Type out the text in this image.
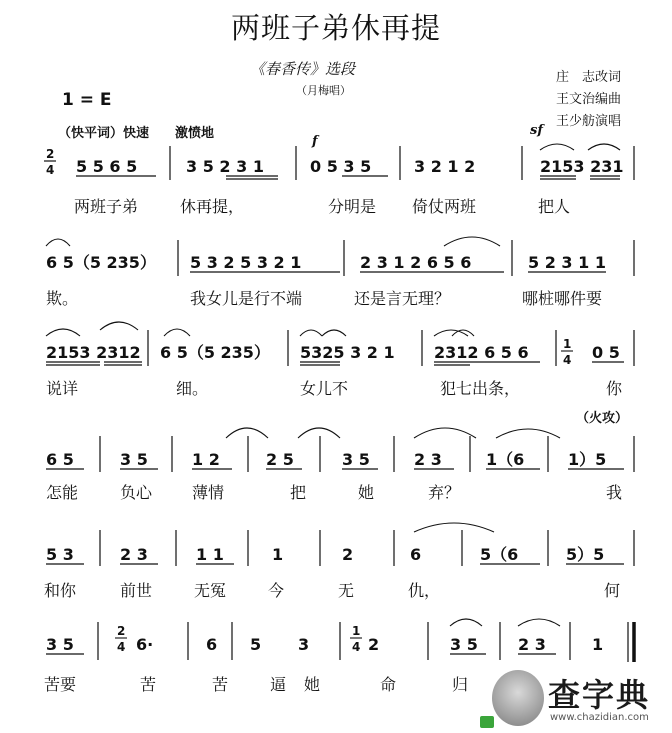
两班子弟休再提
《春香传》选段
（月梅唱）
庄　志改词
王文治编曲
王少舫演唱
1 = E
（快平词）快速　　激愤地
2
4
f
sf
（火攻）
1
4
2
4
1
4
5 5 6 5	3 5 2 3 1	0 5 3 5	3 2 1 2	2153 231
两班子弟	休再提，	分明是 倚仗两班	把人
6 5（5 235） 5 3 2 5 3 2 1	2 3 1 2 6 5 6	5 2 3 1 1
欺。	我女儿是行不端	还是言无理？	哪桩哪件要
2153 2312 6 5（5 235） 5325 3 2 1 2312 6 5 6	0 5
说详	细。	女儿不	犯七出条，	你
6 5	3 5	1 2	2 5	3 5	2 3	1（6	1）5
怎能	负心 薄情	把	她	弃？	我
5 3	2 3	1 1	1	2	6	5（6	5）5
和你	前世	无冤	今	无	仇，	何
3 5	6·	6 5 3	2	3 5	2 3	1
苦要	苦	苦	逼 她	命	归 查字典
www.chazidian.com
